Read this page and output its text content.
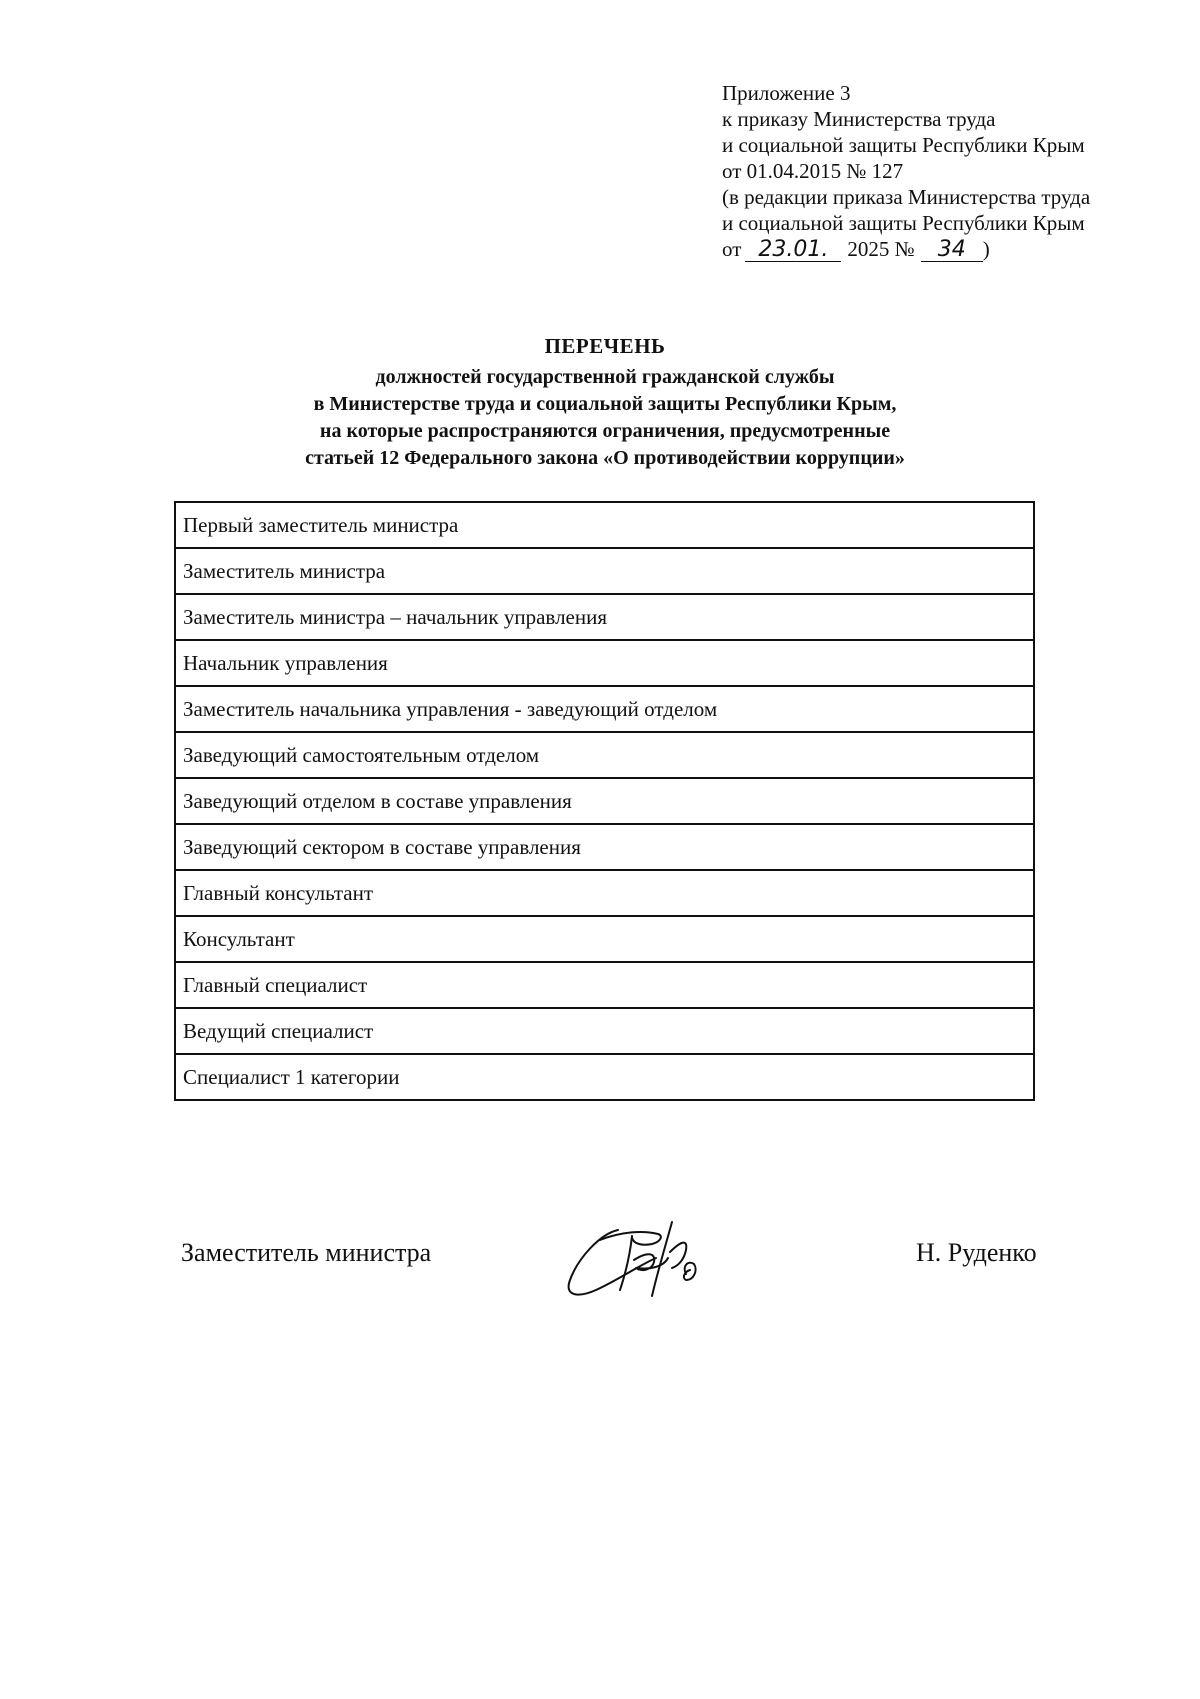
Приложение 3
к приказу Министерства труда
и социальной защиты Республики Крым
от 01.04.2015 № 127
(в редакции приказа Министерства труда
и социальной защиты Республики Крым
от 23.01. 2025 № 34 )
ПЕРЕЧЕНЬ
должностей государственной гражданской службы
в Министерстве труда и социальной защиты Республики Крым,
на которые распространяются ограничения, предусмотренные
статьей 12 Федерального закона «О противодействии коррупции»
Первый заместитель министра
Заместитель министра
Заместитель министра – начальник управления
Начальник управления
Заместитель начальника управления - заведующий отделом
Заведующий самостоятельным отделом
Заведующий отделом в составе управления
Заведующий сектором в составе управления
Главный консультант
Консультант
Главный специалист
Ведущий специалист
Специалист 1 категории
Заместитель министра	Н. Руденко
